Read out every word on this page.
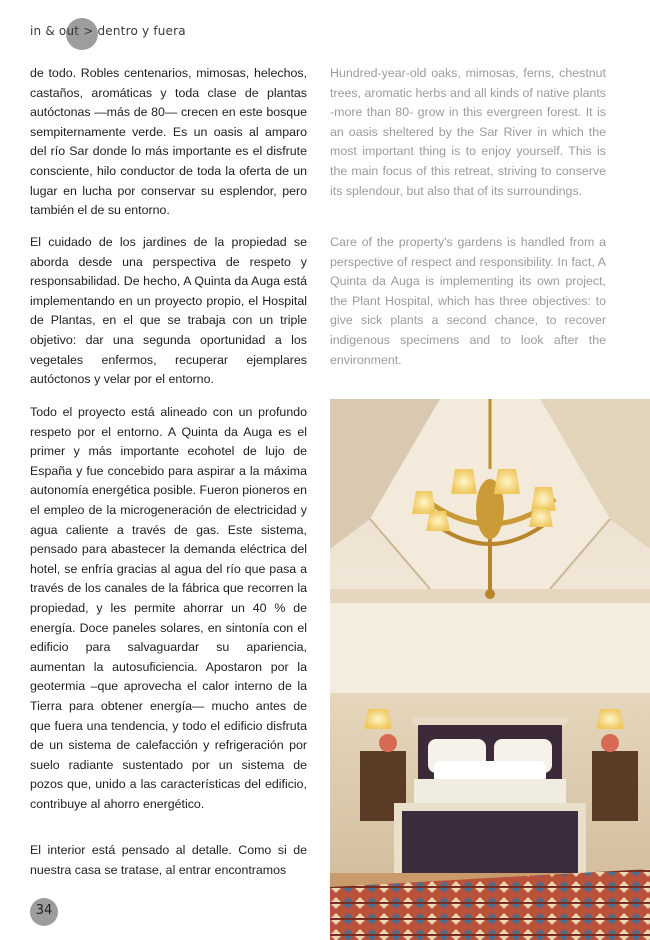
in & out > dentro y fuera

de todo. Robles centenarios, mimosas, helechos, castaños, aromáticas y toda clase de plantas autóctonas —más de 80— crecen en este bosque sempiternamente verde. Es un oasis al amparo del río Sar donde lo más importante es el disfrute consciente, hilo conductor de toda la oferta de un lugar en lucha por conservar su esplendor, pero también el de su entorno.

El cuidado de los jardines de la propiedad se aborda desde una perspectiva de respeto y responsabilidad. De hecho, A Quinta da Auga está implementando en un proyecto propio, el Hospital de Plantas, en el que se trabaja con un triple objetivo: dar una segunda oportunidad a los vegetales enfermos, recuperar ejemplares autóctonos y velar por el entorno.

Todo el proyecto está alineado con un profundo respeto por el entorno. A Quinta da Auga es el primer y más importante ecohotel de lujo de España y fue concebido para aspirar a la máxima autonomía energética posible. Fueron pioneros en el empleo de la microgeneración de electricidad y agua caliente a través de gas. Este sistema, pensado para abastecer la demanda eléctrica del hotel, se enfría gracias al agua del río que pasa a través de los canales de la fábrica que recorren la propiedad, y les permite ahorrar un 40 % de energía. Doce paneles solares, en sintonía con el edificio para salvaguardar su apariencia, aumentan la autosuficiencia. Apostaron por la geotermia –que aprovecha el calor interno de la Tierra para obtener energía— mucho antes de que fuera una tendencia, y todo el edificio disfruta de un sistema de calefacción y refrigeración por suelo radiante sustentado por un sistema de pozos que, unido a las características del edificio, contribuye al ahorro energético.

El interior está pensado al detalle. Como si de nuestra casa se tratase, al entrar encontramos

Hundred-year-old oaks, mimosas, ferns, chestnut trees, aromatic herbs and all kinds of native plants -more than 80- grow in this evergreen forest. It is an oasis sheltered by the Sar River in which the most important thing is to enjoy yourself. This is the main focus of this retreat, striving to conserve its splendour, but also that of its surroundings.

Care of the property's gardens is handled from a perspective of respect and responsibility. In fact, A Quinta da Auga is implementing its own project, the Plant Hospital, which has three objectives: to give sick plants a second chance, to recover indigenous specimens and to look after the environment.

34
